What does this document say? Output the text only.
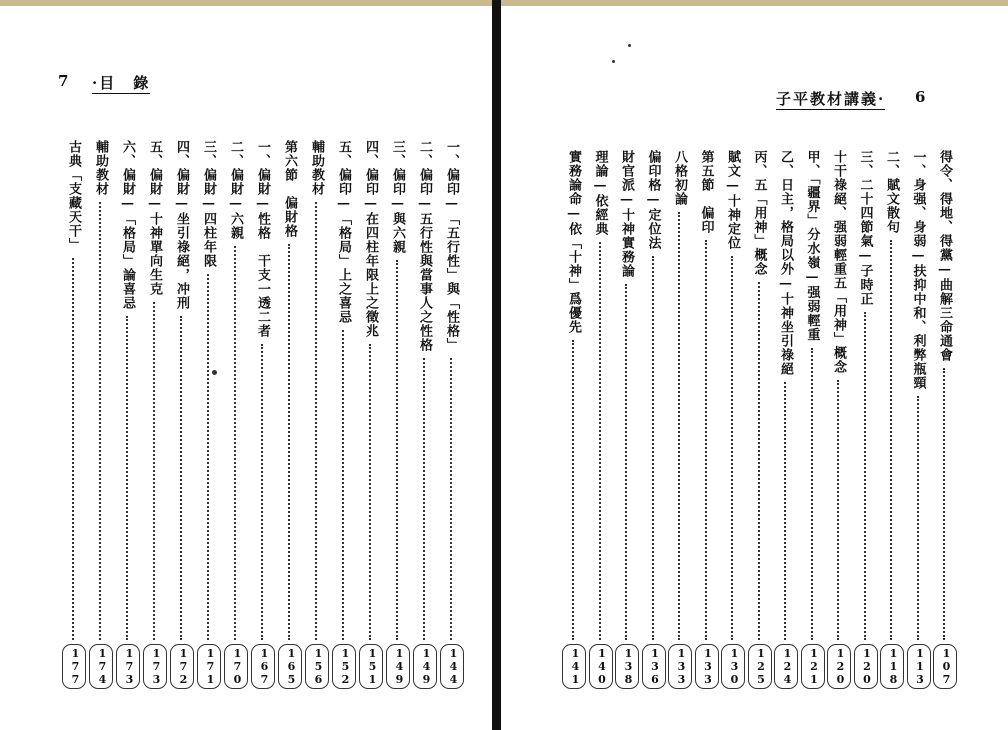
7 ·目　錄
一、偏印—「五行性」與「性格」
144
二、偏印—五行性與當事人之性格
149
三、偏印—與六親
149
四、偏印—在四柱年限上之徵兆
151
五、偏印—「格局」上之喜忌
152
輔助教材
156
第六節　偏財格
165
一、偏財—性格　干支一透二者
167
二、偏財—六親
170
三、偏財—四柱年限
171
四、偏財—坐引祿絕，冲刑
172
五、偏財—十神單向生克
173
六、偏財—「格局」論喜忌
173
輔助教材
174
古典「支藏天干」
177
子平教材講義· 6
得令、得地、得黨—曲解三命通會
107
一、身强、身弱—扶抑中和、利弊瓶頸
113
二、賦文散句
118
三、二十四節氣—子時正
120
十干祿絕、强弱輕重五「用神」概念
120
甲、「疆界」分水嶺—强弱輕重
121
乙、日主，格局以外—十神坐引祿絕
124
丙、五「用神」概念
125
賦文—十神定位
130
第五節　偏印
133
八格初論
133
偏印格—定位法
136
財官派—十神實務論
138
理論—依經典
140
實務論命—依「十神」爲優先
141
